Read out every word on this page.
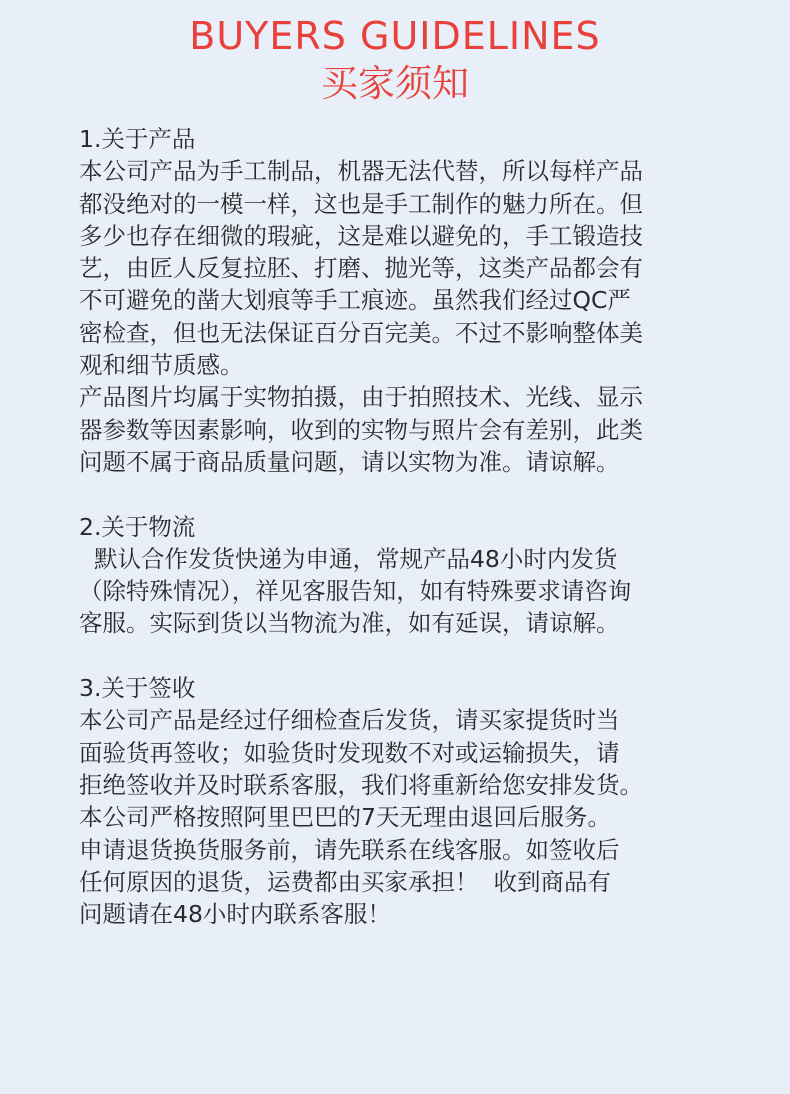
BUYERS GUIDELINES
买家须知
1.关于产品
本公司产品为手工制品，机器无法代替，所以每样产品
都没绝对的一模一样，这也是手工制作的魅力所在。但
多少也存在细微的瑕疵，这是难以避免的，手工锻造技
艺，由匠人反复拉胚、打磨、抛光等，这类产品都会有
不可避免的凿大划痕等手工痕迹。虽然我们经过QC严
密检查，但也无法保证百分百完美。不过不影响整体美
观和细节质感。
产品图片均属于实物拍摄，由于拍照技术、光线、显示
器参数等因素影响，收到的实物与照片会有差别，此类
问题不属于商品质量问题，请以实物为准。请谅解。
2.关于物流
默认合作发货快递为申通，常规产品48小时内发货
（除特殊情况），祥见客服告知，如有特殊要求请咨询
客服。实际到货以当物流为准，如有延误，请谅解。
3.关于签收
本公司产品是经过仔细检查后发货，请买家提货时当
面验货再签收；如验货时发现数不对或运输损失，请
拒绝签收并及时联系客服，我们将重新给您安排发货。
本公司严格按照阿里巴巴的7天无理由退回后服务。
申请退货换货服务前，请先联系在线客服。如签收后
任何原因的退货，运费都由买家承担！  收到商品有
问题请在48小时内联系客服！
